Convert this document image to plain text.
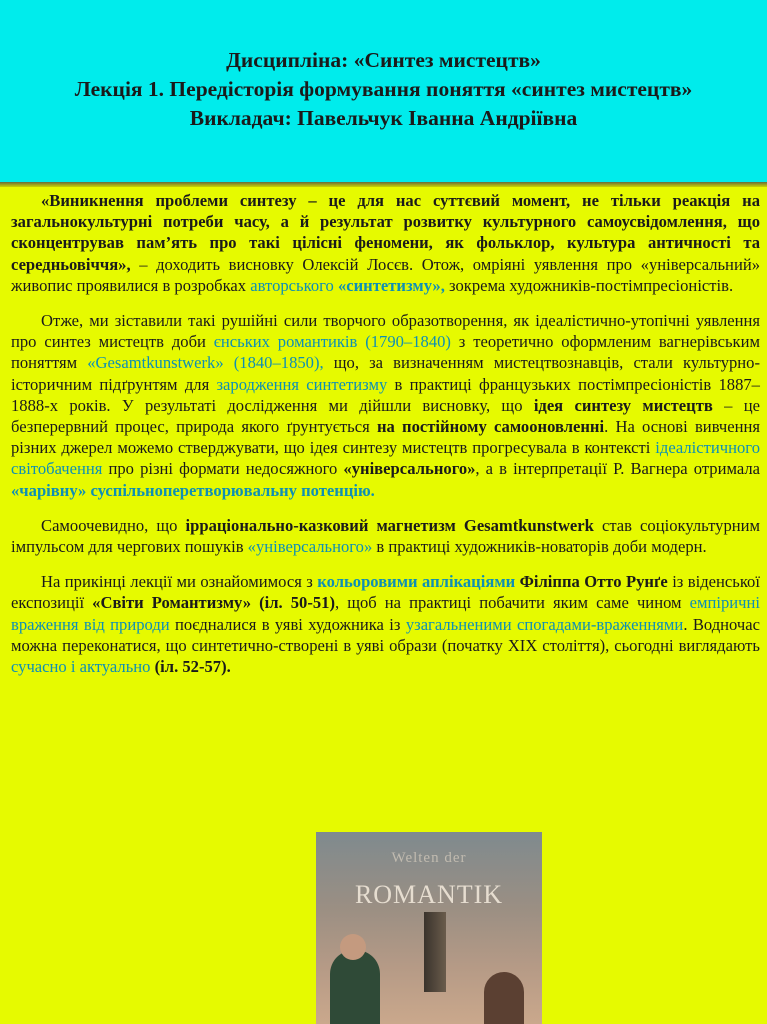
Дисципліна: «Синтез мистецтв»

Лекція 1. Передісторія формування поняття «синтез мистецтв»

Викладач: Павельчук Іванна Андріївна

«Виникнення проблеми синтезу – це для нас суттєвий момент, не тільки реакція на загальнокультурні потреби часу, а й результат розвитку культурного самоусвідомлення, що сконцентрував пам’ять про такі цілісні феномени, як фольклор, культура античності та середньовіччя», – доходить висновку Олексій Лосєв. Отож, омріяні уявлення про «універсальний» живопис проявилися в розробках авторського «синтетизму», зокрема художників-постімпресіоністів.

Отже, ми зіставили такі рушійні сили творчого образотворення, як ідеалістично-утопічні уявлення про синтез мистецтв доби єнських романтиків (1790–1840) з теоретично оформленим вагнерівським поняттям «Gesamtkunstwerk» (1840–1850), що, за визначенням мистецтвознавців, стали культурно-історичним підґрунтям для зародження синтетизму в практиці французьких постімпресіоністів 1887–1888-х років. У результаті дослідження ми дійшли висновку, що ідея синтезу мистецтв – це безперервний процес, природа якого ґрунтується на постійному самооновленні. На основі вивчення різних джерел можемо стверджувати, що ідея синтезу мистецтв прогресувала в контексті ідеалістичного світобачення про різні формати недосяжного «універсального», а в інтерпретації Р. Вагнера отримала «чарівну» суспільноперетворювальну потенцію.

Самоочевидно, що ірраціонально-казковий магнетизм Gesamtkunstwerk став соціокультурним імпульсом для чергових пошуків «універсального» в практиці художників-новаторів доби модерн.

На прикінці лекції ми ознайомимося з кольоровими аплікаціями Філіппа Отто Рунґе із віденської експозиції «Світи Романтизму» (іл. 50-51), щоб на практиці побачити яким саме чином емпіричні враження від природи поєдналися в уяві художника із узагальненими спогадами-враженнями. Водночас можна переконатися, що синтетично-створені в уяві образи (початку ХІХ століття), сьогодні виглядають сучасно і актуально (іл. 52-57).

Welten der
ROMANTIK
